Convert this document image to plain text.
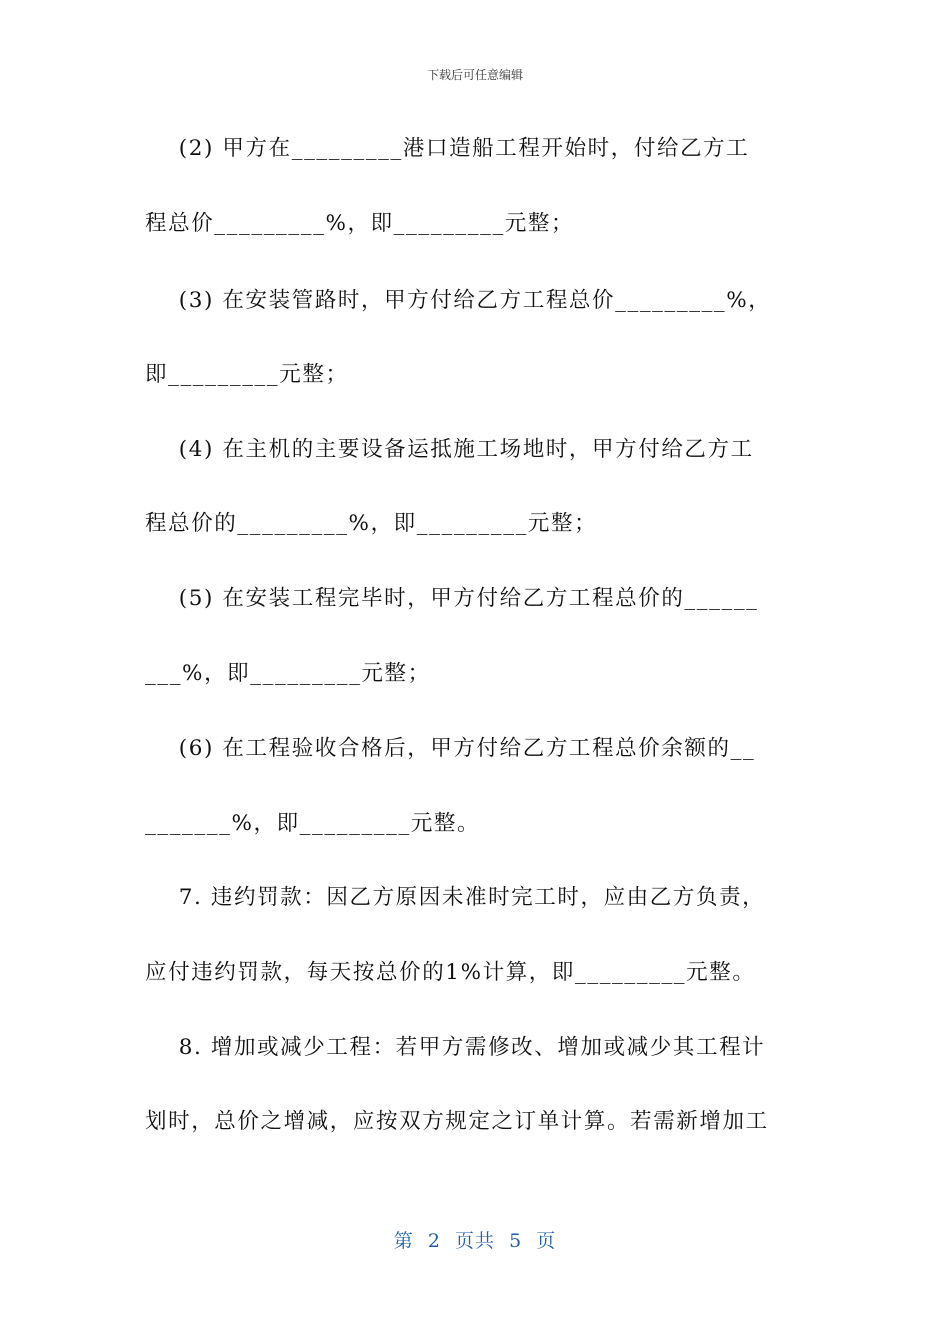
下载后可任意编辑
(2) 甲方在_________港口造船工程开始时，付给乙方工
程总价_________%，即_________元整；
(3) 在安装管路时，甲方付给乙方工程总价_________%，
即_________元整；
(4) 在主机的主要设备运抵施工场地时，甲方付给乙方工
程总价的_________%，即_________元整；
(5) 在安装工程完毕时，甲方付给乙方工程总价的______
___%，即_________元整；
(6) 在工程验收合格后，甲方付给乙方工程总价余额的__
_______%，即_________元整。
7. 违约罚款：因乙方原因未准时完工时，应由乙方负责，
应付违约罚款，每天按总价的1%计算，即_________元整。
8. 增加或减少工程：若甲方需修改、增加或减少其工程计
划时，总价之增减，应按双方规定之订单计算。若需新增加工
第  2  页共  5  页
